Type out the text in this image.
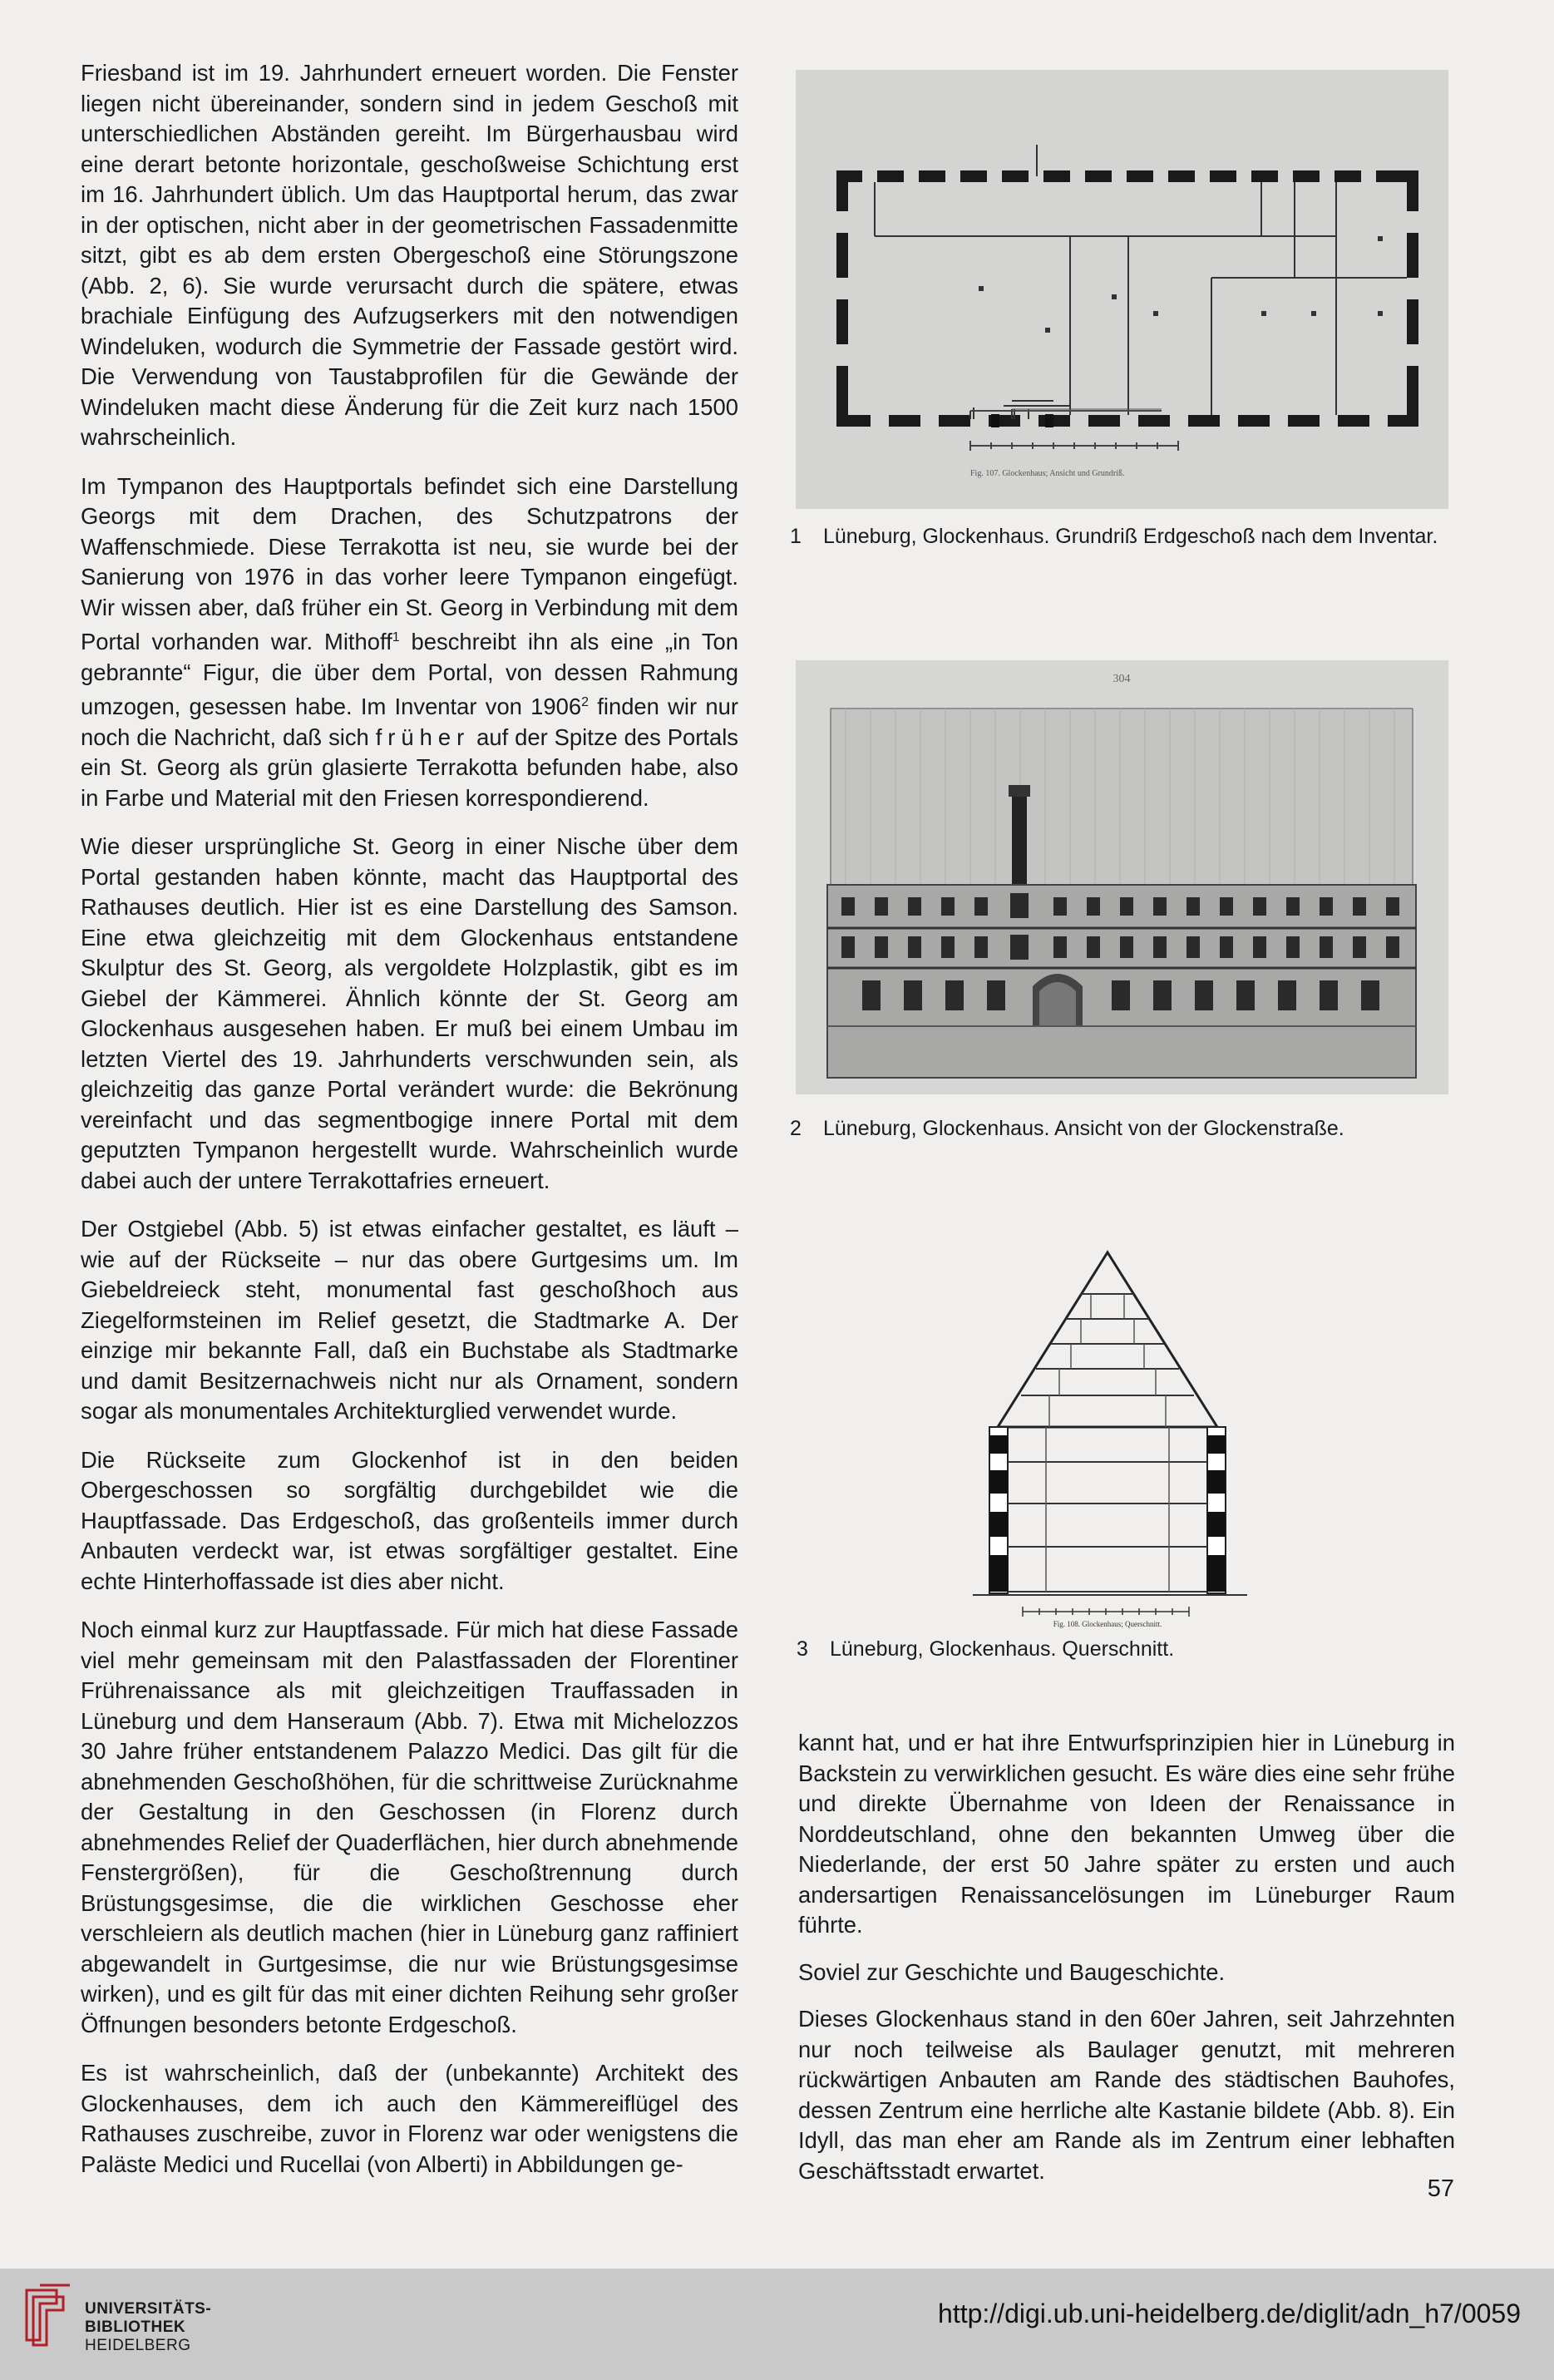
Friesband ist im 19. Jahrhundert erneuert worden. Die Fenster liegen nicht übereinander, sondern sind in jedem Geschoß mit unterschiedlichen Abständen gereiht. Im Bürgerhausbau wird eine derart betonte horizontale, geschoßweise Schichtung erst im 16. Jahrhundert üblich. Um das Hauptportal herum, das zwar in der optischen, nicht aber in der geometrischen Fassadenmitte sitzt, gibt es ab dem ersten Obergeschoß eine Störungszone (Abb. 2, 6). Sie wurde verursacht durch die spätere, etwas brachiale Einfügung des Aufzugserkers mit den notwendigen Windeluken, wodurch die Symmetrie der Fassade gestört wird. Die Verwendung von Taustabprofilen für die Gewände der Windeluken macht diese Änderung für die Zeit kurz nach 1500 wahrscheinlich.

Im Tympanon des Hauptportals befindet sich eine Darstellung Georgs mit dem Drachen, des Schutzpatrons der Waffenschmiede. Diese Terrakotta ist neu, sie wurde bei der Sanierung von 1976 in das vorher leere Tympanon eingefügt. Wir wissen aber, daß früher ein St. Georg in Verbindung mit dem Portal vorhanden war. Mithoff$^1$ beschreibt ihn als eine „in Ton gebrannte“ Figur, die über dem Portal, von dessen Rahmung umzogen, gesessen habe. Im Inventar von 1906$^2$ finden wir nur noch die Nachricht, daß sich früher auf der Spitze des Portals ein St. Georg als grün glasierte Terrakotta befunden habe, also in Farbe und Material mit den Friesen korrespondierend.

Wie dieser ursprüngliche St. Georg in einer Nische über dem Portal gestanden haben könnte, macht das Hauptportal des Rathauses deutlich. Hier ist es eine Darstellung des Samson. Eine etwa gleichzeitig mit dem Glockenhaus entstandene Skulptur des St. Georg, als vergoldete Holzplastik, gibt es im Giebel der Kämmerei. Ähnlich könnte der St. Georg am Glockenhaus ausgesehen haben. Er muß bei einem Umbau im letzten Viertel des 19. Jahrhunderts verschwunden sein, als gleichzeitig das ganze Portal verändert wurde: die Bekrönung vereinfacht und das segmentbogige innere Portal mit dem geputzten Tympanon hergestellt wurde. Wahrscheinlich wurde dabei auch der untere Terrakottafries erneuert.

Der Ostgiebel (Abb. 5) ist etwas einfacher gestaltet, es läuft – wie auf der Rückseite – nur das obere Gurtgesims um. Im Giebeldreieck steht, monumental fast geschoßhoch aus Ziegelformsteinen im Relief gesetzt, die Stadtmarke A. Der einzige mir bekannte Fall, daß ein Buchstabe als Stadtmarke und damit Besitzernachweis nicht nur als Ornament, sondern sogar als monumentales Architekturglied verwendet wurde.

Die Rückseite zum Glockenhof ist in den beiden Obergeschossen so sorgfältig durchgebildet wie die Hauptfassade. Das Erdgeschoß, das großenteils immer durch Anbauten verdeckt war, ist etwas sorgfältiger gestaltet. Eine echte Hinterhoffassade ist dies aber nicht.

Noch einmal kurz zur Hauptfassade. Für mich hat diese Fassade viel mehr gemeinsam mit den Palastfassaden der Florentiner Frührenaissance als mit gleichzeitigen Trauffassaden in Lüneburg und dem Hanseraum (Abb. 7). Etwa mit Michelozzos 30 Jahre früher entstandenem Palazzo Medici. Das gilt für die abnehmenden Geschoßhöhen, für die schrittweise Zurücknahme der Gestaltung in den Geschossen (in Florenz durch abnehmendes Relief der Quaderflächen, hier durch abnehmende Fenstergrößen), für die Geschoßtrennung durch Brüstungsgesimse, die die wirklichen Geschosse eher verschleiern als deutlich machen (hier in Lüneburg ganz raffiniert abgewandelt in Gurtgesimse, die nur wie Brüstungsgesimse wirken), und es gilt für das mit einer dichten Reihung sehr großer Öffnungen besonders betonte Erdgeschoß.

Es ist wahrscheinlich, daß der (unbekannte) Architekt des Glockenhauses, dem ich auch den Kämmereiflügel des Rathauses zuschreibe, zuvor in Florenz war oder wenigstens die Paläste Medici und Rucellai (von Alberti) in Abbildungen ge-

Fig. 107. Glockenhaus; Ansicht und Grundriß.
1 Lüneburg, Glockenhaus. Grundriß Erdgeschoß nach dem Inventar.
304
2 Lüneburg, Glockenhaus. Ansicht von der Glockenstraße.
Fig. 108. Glockenhaus; Querschnitt.
3 Lüneburg, Glockenhaus. Querschnitt.

kannt hat, und er hat ihre Entwurfsprinzipien hier in Lüneburg in Backstein zu verwirklichen gesucht. Es wäre dies eine sehr frühe und direkte Übernahme von Ideen der Renaissance in Norddeutschland, ohne den bekannten Umweg über die Niederlande, der erst 50 Jahre später zu ersten und auch andersartigen Renaissancelösungen im Lüneburger Raum führte.

Soviel zur Geschichte und Baugeschichte.

Dieses Glockenhaus stand in den 60er Jahren, seit Jahrzehnten nur noch teilweise als Baulager genutzt, mit mehreren rückwärtigen Anbauten am Rande des städtischen Bauhofes, dessen Zentrum eine herrliche alte Kastanie bildete (Abb. 8). Ein Idyll, das man eher am Rande als im Zentrum einer lebhaften Geschäftsstadt erwartet.

57
UNIVERSITÄTS-
BIBLIOTHEK
HEIDELBERG
http://digi.ub.uni-heidelberg.de/diglit/adn_h7/0059
